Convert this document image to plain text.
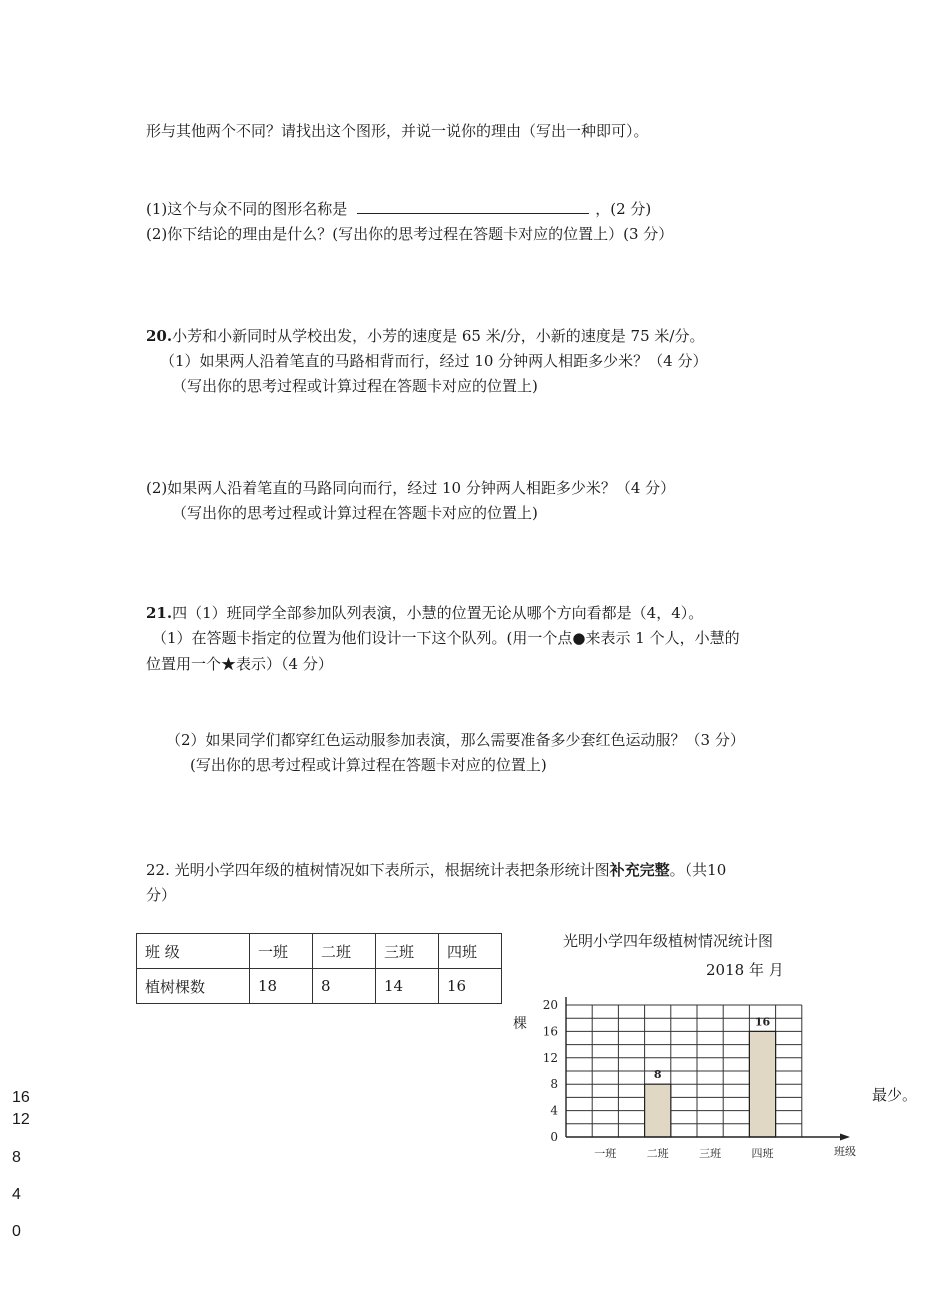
形与其他两个不同？请找出这个图形，并说一说你的理由（写出一种即可）。
(1)这个与众不同的图形名称是	，(2 分)
(2)你下结论的理由是什么？(写出你的思考过程在答题卡对应的位置上）(3 分）
20.小芳和小新同时从学校出发，小芳的速度是 65 米/分，小新的速度是 75 米/分。
（1）如果两人沿着笔直的马路相背而行，经过 10 分钟两人相距多少米？（4 分）
（写出你的思考过程或计算过程在答题卡对应的位置上)
(2)如果两人沿着笔直的马路同向而行，经过 10 分钟两人相距多少米？（4 分）
（写出你的思考过程或计算过程在答题卡对应的位置上)
21.四（1）班同学全部参加队列表演，小慧的位置无论从哪个方向看都是（4，4）。
（1）在答题卡指定的位置为他们设计一下这个队列。(用一个点●来表示 1 个人，小慧的
位置用一个★表示）（4 分）
（2）如果同学们都穿红色运动服参加表演，那么需要准备多少套红色运动服？（3 分）
(写出你的思考过程或计算过程在答题卡对应的位置上)
22. 光明小学四年级的植树情况如下表所示，根据统计表把条形统计图补充完整。（共10
分）
班 级	一班	二班	三班	四班
植树棵数	18	8	14	16
光明小学四年级植树情况统计图
2018 年 月
0
4
8
12
16
20
一班	二班
8
三班	四班
16
班级
棵
最少。
16
12
8
4
0
